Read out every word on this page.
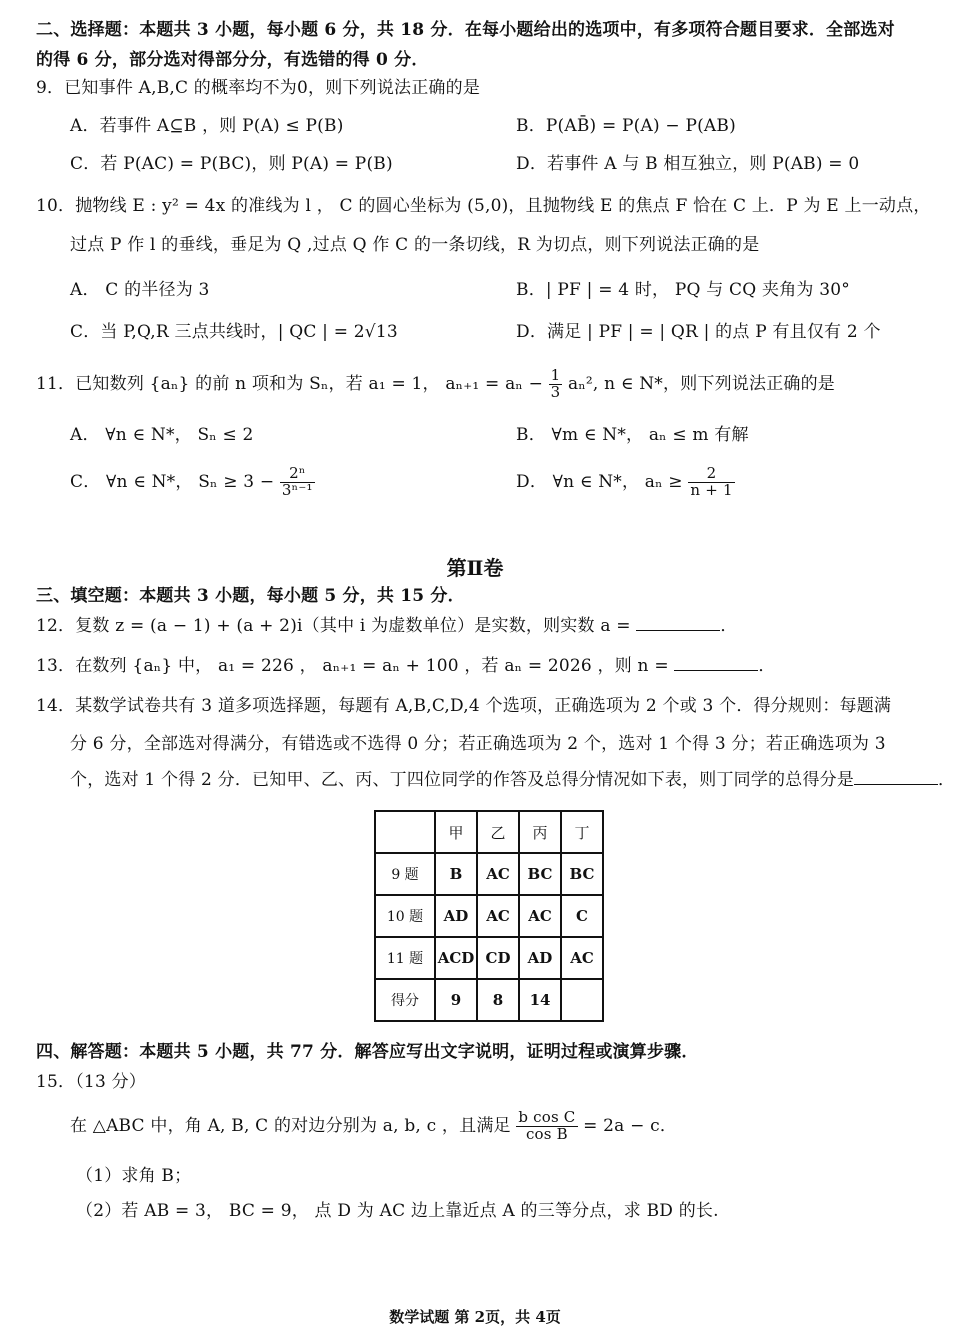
二、选择题：本题共 3 小题，每小题 6 分，共 18 分．在每小题给出的选项中，有多项符合题目要求．全部选对
的得 6 分，部分选对得部分分，有选错的得 0 分．
9．已知事件 A,B,C 的概率均不为0，则下列说法正确的是
A．若事件 A⊆B ，则 P(A) ≤ P(B)	B．P(AB̄) = P(A) − P(AB)
C．若 P(AC) = P(BC)，则 P(A) = P(B)	D．若事件 A 与 B 相互独立，则 P(AB) = 0
10．抛物线 E : y² = 4x 的准线为 l ， C 的圆心坐标为 (5,0)，且抛物线 E 的焦点 F 恰在 C 上．P 为 E 上一动点，
过点 P 作 l 的垂线，垂足为 Q ,过点 Q 作 C 的一条切线，R 为切点，则下列说法正确的是
A． C 的半径为 3	B．| PF | = 4 时， PQ 与 CQ 夹角为 30°
C．当 P,Q,R 三点共线时，| QC | = 2√13	D．满足 | PF | = | QR | 的点 P 有且仅有 2 个
11．已知数列 {aₙ} 的前 n 项和为 Sₙ，若 a₁ = 1， $a_{n+1} = a_n - \frac{1}{3} a_n^2$, n ∈ N*，则下列说法正确的是
A． ∀n ∈ N*， Sₙ ≤ 2	B． ∀m ∈ N*， aₙ ≤ m 有解
C． ∀n ∈ N*， $S_n \ge 3 - \frac{\text{2ⁿ}}{\text{3ⁿ⁻¹}}$	D． ∀n ∈ N*， $a_n \ge \frac{2}{n + 1}$
第Ⅱ卷
三、填空题：本题共 3 小题，每小题 5 分，共 15 分．
12．复数 z = (a − 1) + (a + 2)i（其中 i 为虚数单位）是实数，则实数 a =	．
13．在数列 {aₙ} 中， a₁ = 226 ， aₙ₊₁ = aₙ + 100 ，若 aₙ = 2026 ，则 n =	．
14．某数学试卷共有 3 道多项选择题，每题有 A,B,C,D,4 个选项，正确选项为 2 个或 3 个．得分规则：每题满
分 6 分，全部选对得满分，有错选或不选得 0 分；若正确选项为 2 个，选对 1 个得 3 分；若正确选项为 3
个，选对 1 个得 2 分．已知甲、乙、丙、丁四位同学的作答及总得分情况如下表，则丁同学的总得分是	．
	甲	乙	丙	丁
9 题	B	AC	BC	BC
10 题	AD	AC	AC	C
11 题	ACD	CD	AD	AC
得分	9	8	14	
四、解答题：本题共 5 小题，共 77 分．解答应写出文字说明，证明过程或演算步骤．
15．（13 分）
在 △ABC 中，角 A, B, C 的对边分别为 a, b, c ，且满足 $\frac{\text{b cos C}}{\text{cos B}} = 2a - c$．
（1）求角 B；
（2）若 AB = 3， BC = 9， 点 D 为 AC 边上靠近点 A 的三等分点，求 BD 的长.
数学试题 第 2页，共 4页
